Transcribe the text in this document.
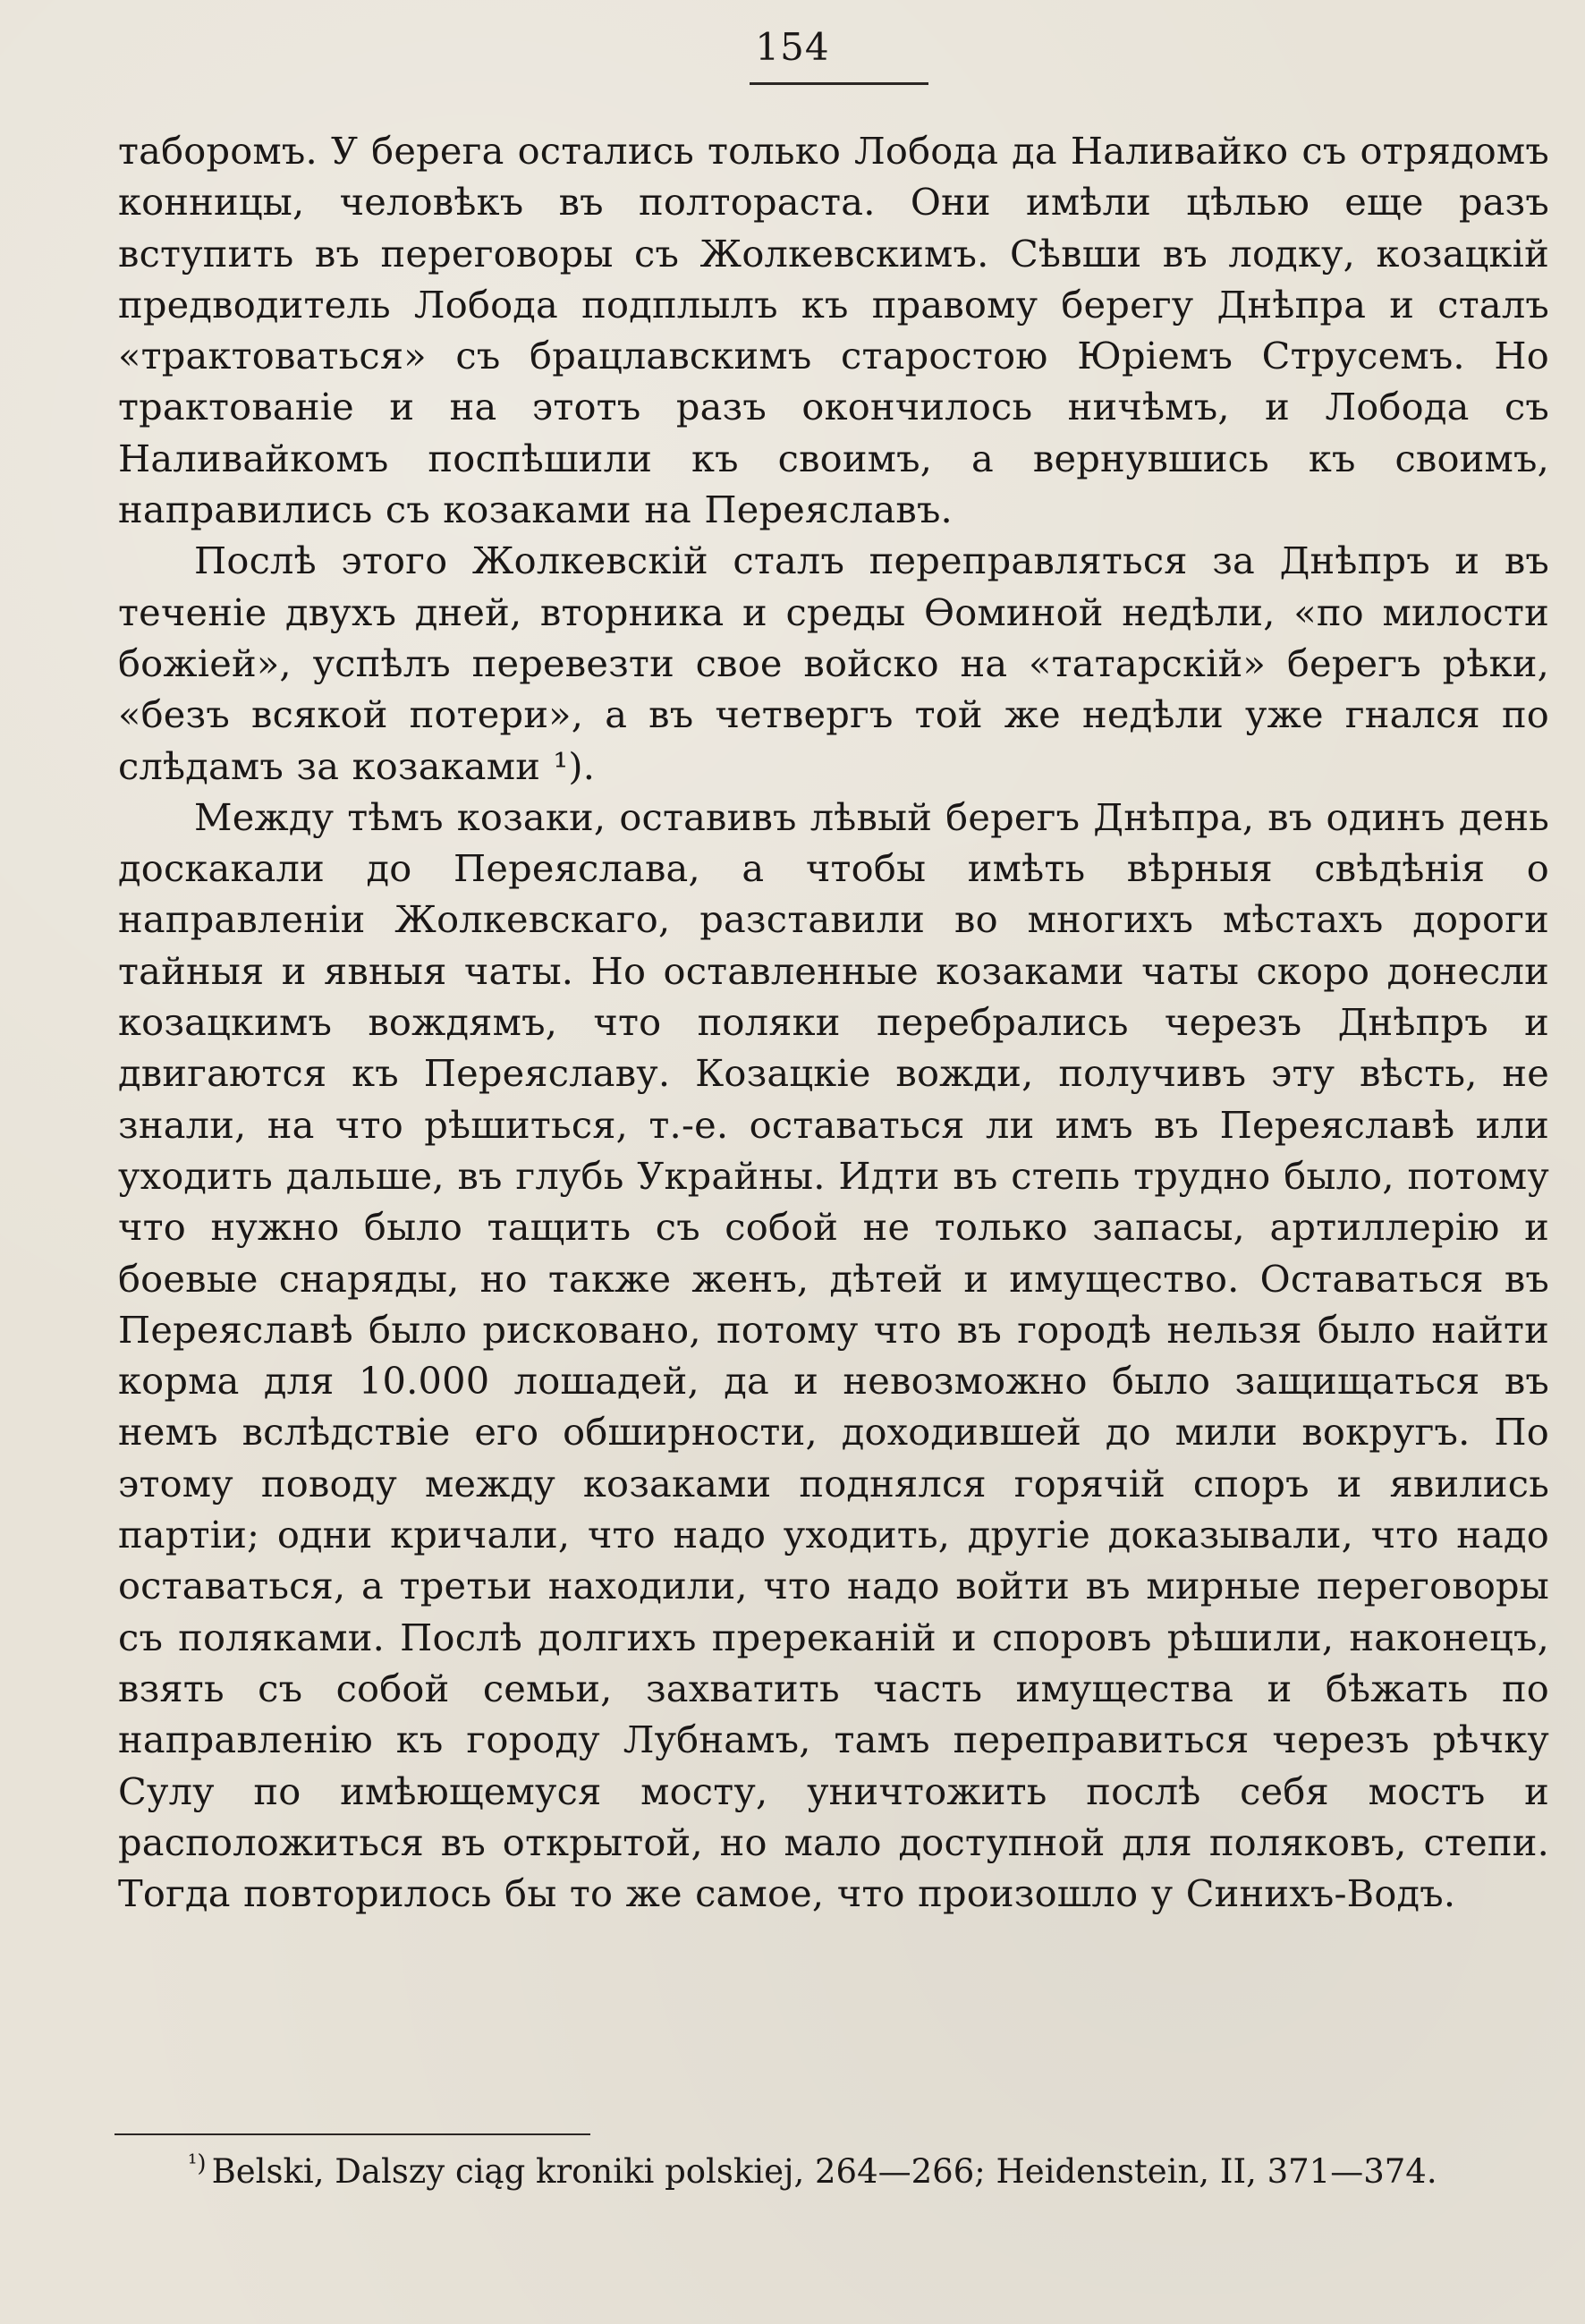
154

таборомъ. У берега остались только Лобода да Наливайко съ отрядомъ конницы, человѣкъ въ полтораста. Они имѣли цѣлью еще разъ вступить въ переговоры съ Жолкевскимъ. Сѣвши въ лодку, козацкій предводитель Лобода подплылъ къ правому берегу Днѣпра и сталъ «трактоваться» съ брацлавскимъ старостою Юріемъ Струсемъ. Но трактованіе и на этотъ разъ окончилось ничѣмъ, и Лобода съ Наливайкомъ поспѣшили къ своимъ, а вернувшись къ своимъ, направились съ козаками на Переяславъ.

Послѣ этого Жолкевскій сталъ переправляться за Днѣпръ и въ теченіе двухъ дней, вторника и среды Ѳоминой недѣли, «по милости божіей», успѣлъ перевезти свое войско на «татарскій» берегъ рѣки, «безъ всякой потери», а въ четвергъ той же недѣли уже гнался по слѣдамъ за козаками ¹).

Между тѣмъ козаки, оставивъ лѣвый берегъ Днѣпра, въ одинъ день доскакали до Переяслава, а чтобы имѣть вѣрныя свѣдѣнія о направленіи Жолкевскаго, разставили во многихъ мѣстахъ дороги тайныя и явныя чаты. Но оставленные козаками чаты скоро донесли козацкимъ вождямъ, что поляки перебрались черезъ Днѣпръ и двигаются къ Переяславу. Козацкіе вожди, получивъ эту вѣсть, не знали, на что рѣшиться, т.-е. оставаться ли имъ въ Переяславѣ или уходить дальше, въ глубь Украйны. Идти въ степь трудно было, потому что нужно было тащить съ собой не только запасы, артиллерію и боевые снаряды, но также женъ, дѣтей и имущество. Оставаться въ Переяславѣ было рисковано, потому что въ городѣ нельзя было найти корма для 10.000 лошадей, да и невозможно было защищаться въ немъ вслѣдствіе его обширности, доходившей до мили вокругъ. По этому поводу между козаками поднялся горячій споръ и явились партіи; одни кричали, что надо уходить, другіе доказывали, что надо оставаться, а третьи находили, что надо войти въ мирные переговоры съ поляками. Послѣ долгихъ пререканій и споровъ рѣшили, наконецъ, взять съ собой семьи, захватить часть имущества и бѣжать по направленію къ городу Лубнамъ, тамъ переправиться черезъ рѣчку Сулу по имѣющемуся мосту, уничтожить послѣ себя мостъ и расположиться въ открытой, но мало доступной для поляковъ, степи. Тогда повторилось бы то же самое, что произошло у Синихъ-Водъ.

$^{^1)}$ Belski, Dalszy ciąg kroniki polskiej, 264—266; Heidenstein, II, 371—374.
